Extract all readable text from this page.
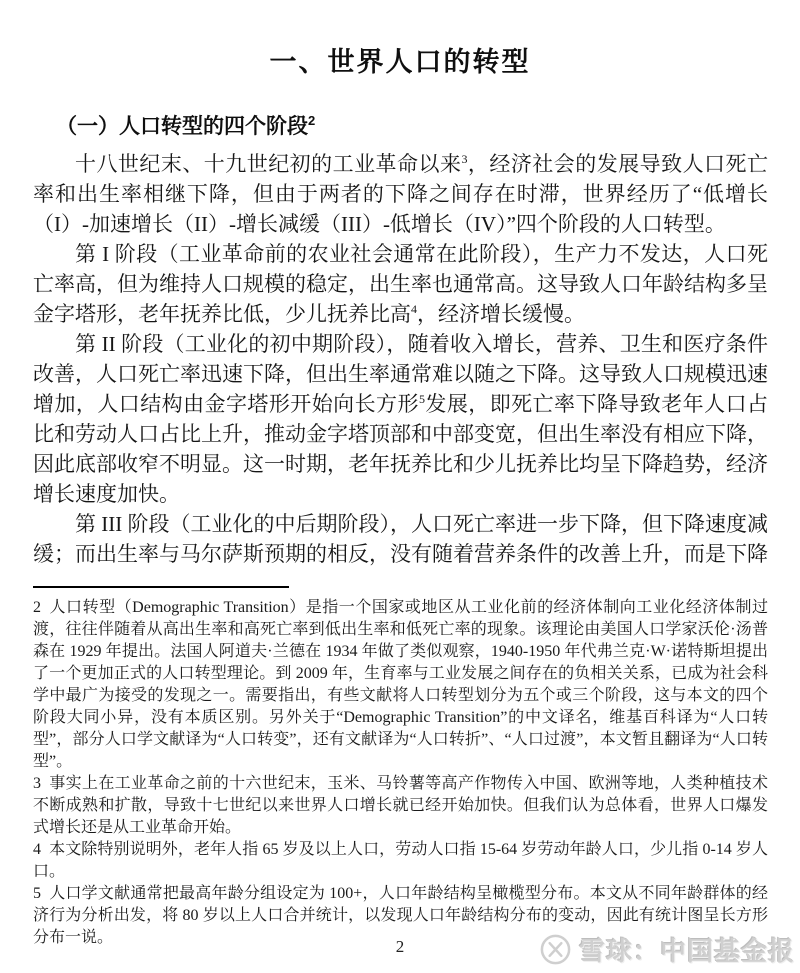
一、世界人口的转型
（一）人口转型的四个阶段$^2$

十八世纪末、十九世纪初的工业革命以来$^3$，经济社会的发展导致人口死亡率和出生率相继下降，但由于两者的下降之间存在时滞，世界经历了“低增长（I）-加速增长（II）-增长减缓（III）-低增长（IV）”四个阶段的人口转型。

第 I 阶段（工业革命前的农业社会通常在此阶段），生产力不发达，人口死亡率高，但为维持人口规模的稳定，出生率也通常高。这导致人口年龄结构多呈金字塔形，老年抚养比低，少儿抚养比高$^4$，经济增长缓慢。

第 II 阶段（工业化的初中期阶段），随着收入增长，营养、卫生和医疗条件改善，人口死亡率迅速下降，但出生率通常难以随之下降。这导致人口规模迅速增加，人口结构由金字塔形开始向长方形$^5$发展，即死亡率下降导致老年人口占比和劳动人口占比上升，推动金字塔顶部和中部变宽，但出生率没有相应下降，因此底部收窄不明显。这一时期，老年抚养比和少儿抚养比均呈下降趋势，经济增长速度加快。

第 III 阶段（工业化的中后期阶段），人口死亡率进一步下降，但下降速度减缓；而出生率与马尔萨斯预期的相反，没有随着营养条件的改善上升，而是下降

2 人口转型（Demographic Transition）是指一个国家或地区从工业化前的经济体制向工业化经济体制过渡，往往伴随着从高出生率和高死亡率到低出生率和低死亡率的现象。该理论由美国人口学家沃伦·汤普森在 1929 年提出。法国人阿道夫·兰德在 1934 年做了类似观察，1940-1950 年代弗兰克·W·诺特斯坦提出了一个更加正式的人口转型理论。到 2009 年，生育率与工业发展之间存在的负相关关系，已成为社会科学中最广为接受的发现之一。需要指出，有些文献将人口转型划分为五个或三个阶段，这与本文的四个阶段大同小异，没有本质区别。另外关于“Demographic Transition”的中文译名，维基百科译为“人口转型”，部分人口学文献译为“人口转变”，还有文献译为“人口转折”、“人口过渡”，本文暂且翻译为“人口转型”。

3 事实上在工业革命之前的十六世纪末，玉米、马铃薯等高产作物传入中国、欧洲等地，人类种植技术不断成熟和扩散，导致十七世纪以来世界人口增长就已经开始加快。但我们认为总体看，世界人口爆发式增长还是从工业革命开始。

4 本文除特别说明外，老年人指 65 岁及以上人口，劳动人口指 15-64 岁劳动年龄人口，少儿指 0-14 岁人口。

5 人口学文献通常把最高年龄分组设定为 100+，人口年龄结构呈橄榄型分布。本文从不同年龄群体的经济行为分析出发，将 80 岁以上人口合并统计，以发现人口年龄结构分布的变动，因此有统计图呈长方形分布一说。	2	雪球：中国基金报
